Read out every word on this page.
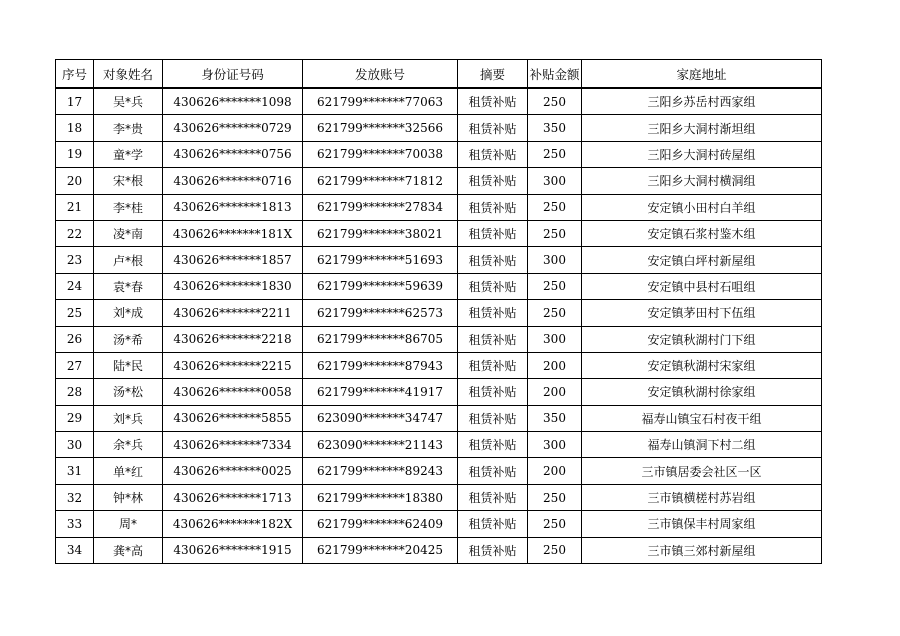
序号	对象姓名	身份证号码	发放账号	摘要	补贴金额	家庭地址
17	吴*兵	430626*******1098	621799*******77063	租赁补贴	250	三阳乡苏岳村西家组
18	李*贵	430626*******0729	621799*******32566	租赁补贴	350	三阳乡大洞村渐坦组
19	童*学	430626*******0756	621799*******70038	租赁补贴	250	三阳乡大洞村砖屋组
20	宋*根	430626*******0716	621799*******71812	租赁补贴	300	三阳乡大洞村横洞组
21	李*桂	430626*******1813	621799*******27834	租赁补贴	250	安定镇小田村白羊组
22	凌*南	430626*******181X	621799*******38021	租赁补贴	250	安定镇石浆村鉴木组
23	卢*根	430626*******1857	621799*******51693	租赁补贴	300	安定镇白坪村新屋组
24	袁*春	430626*******1830	621799*******59639	租赁补贴	250	安定镇中县村石咀组
25	刘*成	430626*******2211	621799*******62573	租赁补贴	250	安定镇茅田村下伍组
26	汤*希	430626*******2218	621799*******86705	租赁补贴	300	安定镇秋湖村门下组
27	陆*民	430626*******2215	621799*******87943	租赁补贴	200	安定镇秋湖村宋家组
28	汤*松	430626*******0058	621799*******41917	租赁补贴	200	安定镇秋湖村徐家组
29	刘*兵	430626*******5855	623090*******34747	租赁补贴	350	福寿山镇宝石村夜干组
30	余*兵	430626*******7334	623090*******21143	租赁补贴	300	福寿山镇洞下村二组
31	单*红	430626*******0025	621799*******89243	租赁补贴	200	三市镇居委会社区一区
32	钟*林	430626*******1713	621799*******18380	租赁补贴	250	三市镇横槎村苏岩组
33	周*	430626*******182X	621799*******62409	租赁补贴	250	三市镇保丰村周家组
34	龚*高	430626*******1915	621799*******20425	租赁补贴	250	三市镇三郊村新屋组
